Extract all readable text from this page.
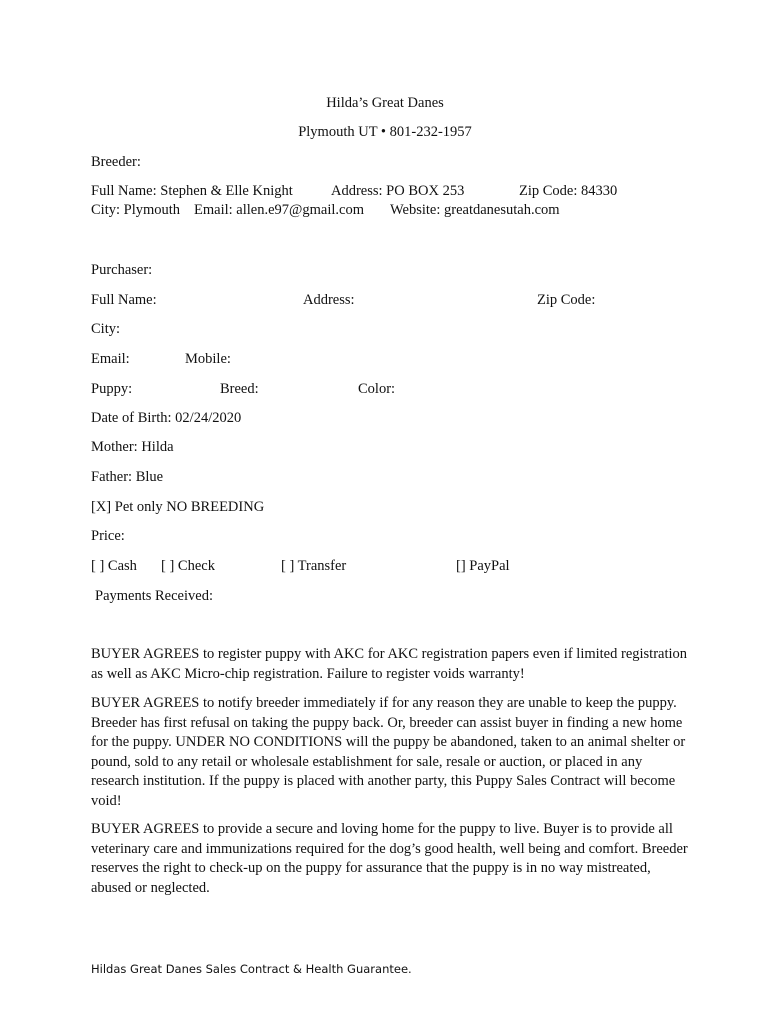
Hilda’s Great Danes
Plymouth UT • 801-232-1957
Breeder:
Full Name: Stephen & Elle Knight	Address: PO BOX 253	Zip Code: 84330
City: Plymouth Email: allen.e97@gmail.com Website: greatdanesutah.com
Purchaser:
Full Name:	Address:	Zip Code:
City:
Email:	Mobile:
Puppy:	Breed:	Color:
Date of Birth: 02/24/2020
Mother: Hilda
Father: Blue
[X] Pet only NO BREEDING
Price:
[ ] Cash [ ] Check	[ ] Transfer	[] PayPal
Payments Received:
BUYER AGREES to register puppy with AKC for AKC registration papers even if limited registration as well as AKC Micro-chip registration. Failure to register voids warranty!
BUYER AGREES to notify breeder immediately if for any reason they are unable to keep the puppy. Breeder has first refusal on taking the puppy back. Or, breeder can assist buyer in finding a new home for the puppy. UNDER NO CONDITIONS will the puppy be abandoned, taken to an animal shelter or pound, sold to any retail or wholesale establishment for sale, resale or auction, or placed in any research institution. If the puppy is placed with another party, this Puppy Sales Contract will become void!
BUYER AGREES to provide a secure and loving home for the puppy to live. Buyer is to provide all veterinary care and immunizations required for the dog’s good health, well being and comfort. Breeder reserves the right to check-up on the puppy for assurance that the puppy is in no way mistreated, abused or neglected.
Hildas Great Danes Sales Contract & Health Guarantee.
